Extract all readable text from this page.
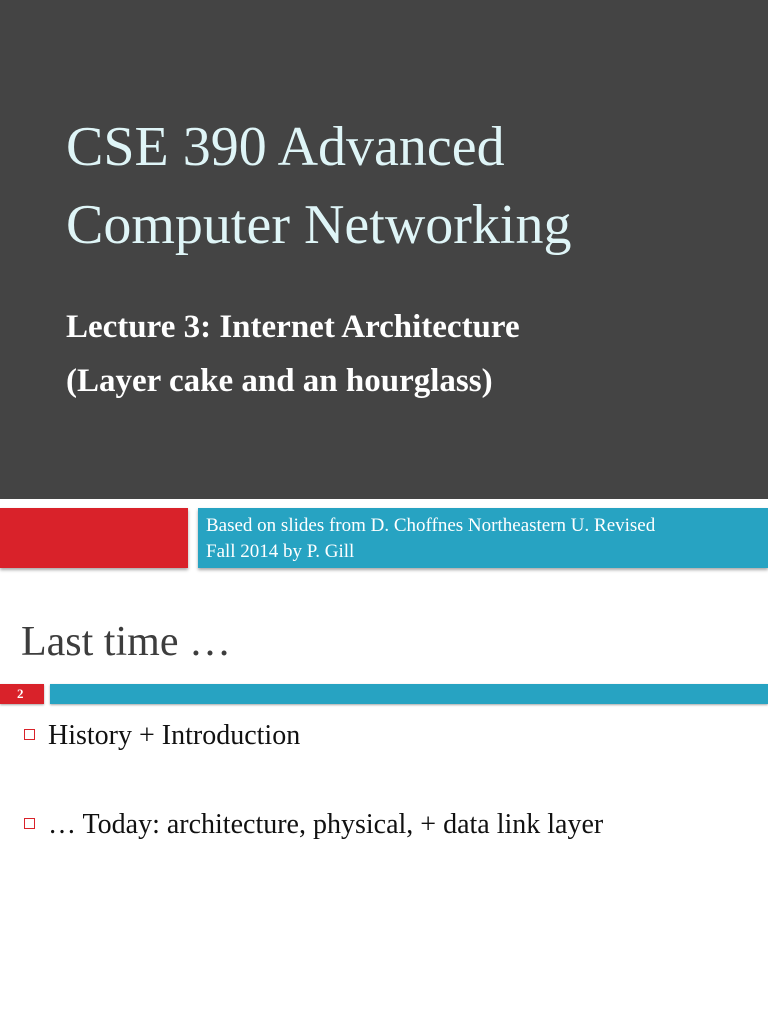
CSE 390 Advanced
Computer Networking
Lecture 3: Internet Architecture
(Layer cake and an hourglass)

Based on slides from D. Choffnes Northeastern U. Revised
Fall 2014 by P. Gill

Last time …
2
History + Introduction
… Today: architecture, physical, + data link layer
